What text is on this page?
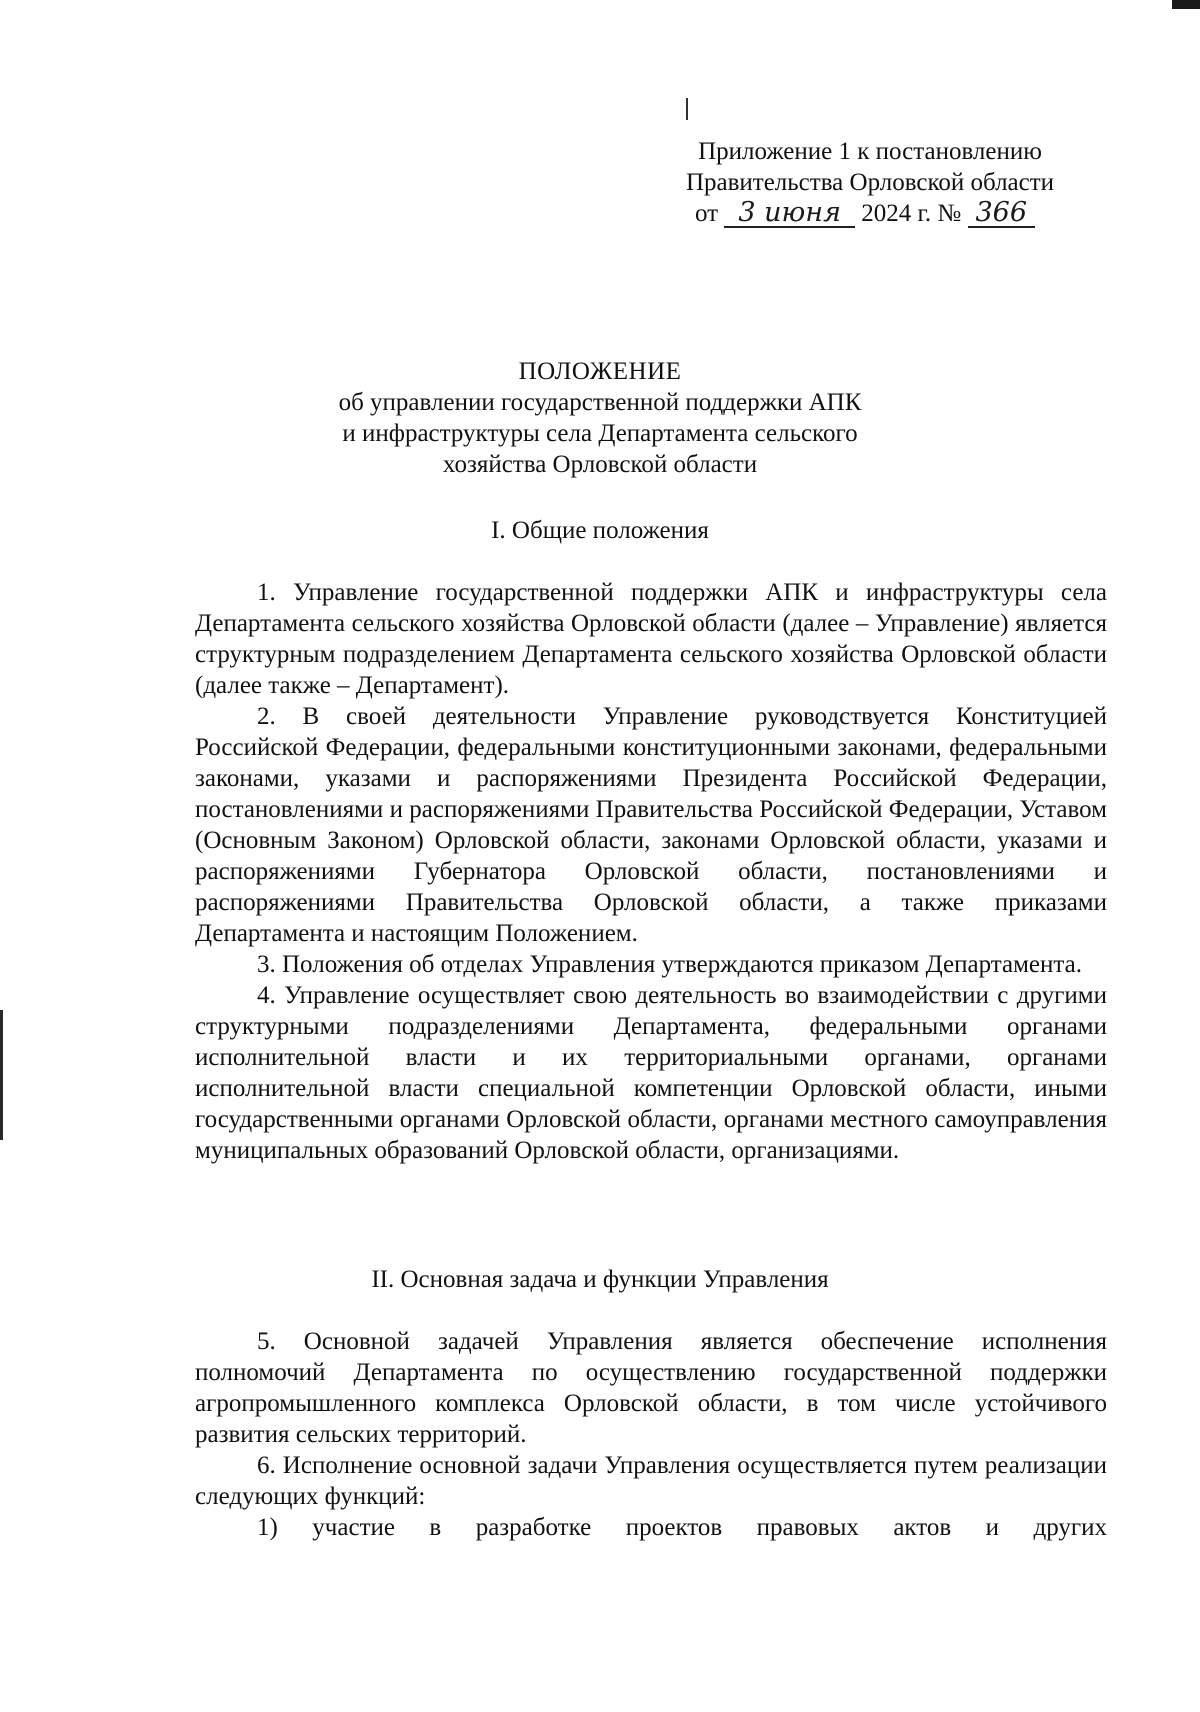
Приложение 1 к постановлению
Правительства Орловской области
от 3 июня 2024 г. № 366
ПОЛОЖЕНИЕ
об управлении государственной поддержки АПК
и инфраструктуры села Департамента сельского
хозяйства Орловской области
I. Общие положения

1. Управление государственной поддержки АПК и инфраструктуры села Департамента сельского хозяйства Орловской области (далее – Управление) является структурным подразделением Департамента сельского хозяйства Орловской области (далее также – Департамент).

2. В своей деятельности Управление руководствуется Конституцией Российской Федерации, федеральными конституционными законами, федеральными законами, указами и распоряжениями Президента Российской Федерации, постановлениями и распоряжениями Правительства Российской Федерации, Уставом (Основным Законом) Орловской области, законами Орловской области, указами и распоряжениями Губернатора Орловской области, постановлениями и распоряжениями Правительства Орловской области, а также приказами Департамента и настоящим Положением.

3. Положения об отделах Управления утверждаются приказом Департамента.

4. Управление осуществляет свою деятельность во взаимодействии с другими структурными подразделениями Департамента, федеральными органами исполнительной власти и их территориальными органами, органами исполнительной власти специальной компетенции Орловской области, иными государственными органами Орловской области, органами местного самоуправления муниципальных образований Орловской области, организациями.

II. Основная задача и функции Управления

5. Основной задачей Управления является обеспечение исполнения полномочий Департамента по осуществлению государственной поддержки агропромышленного комплекса Орловской области, в том числе устойчивого развития сельских территорий.

6. Исполнение основной задачи Управления осуществляется путем реализации следующих функций:

1) участие в разработке проектов правовых актов и других
